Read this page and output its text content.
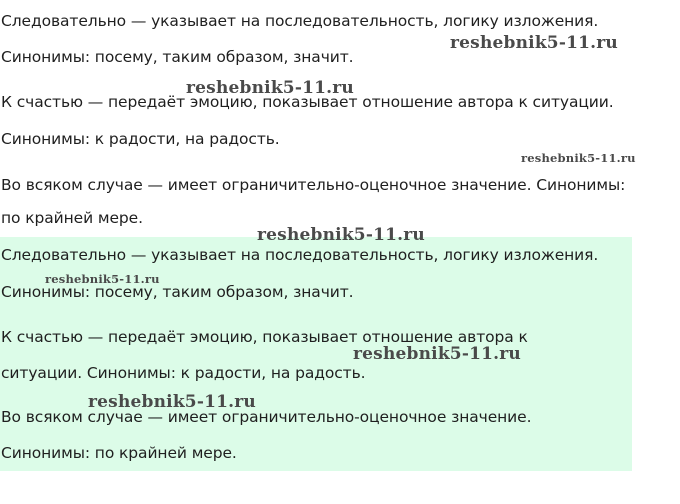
Следовательно — указывает на последовательность, логику изложения.

Синонимы: посему, таким образом, значит.

К счастью — передаёт эмоцию, показывает отношение автора к ситуации.

Синонимы: к радости, на радость.

Во всяком случае — имеет ограничительно-оценочное значение. Синонимы:

по крайней мере.

Следовательно — указывает на последовательность, логику изложения.

Синонимы: посему, таким образом, значит.

К счастью — передаёт эмоцию, показывает отношение автора к

ситуации. Синонимы: к радости, на радость.

Во всяком случае — имеет ограничительно-оценочное значение.

Синонимы: по крайней мере.

reshebnik5-11.ru
reshebnik5-11.ru
reshebnik5-11.ru
reshebnik5-11.ru
reshebnik5-11.ru
reshebnik5-11.ru
reshebnik5-11.ru
